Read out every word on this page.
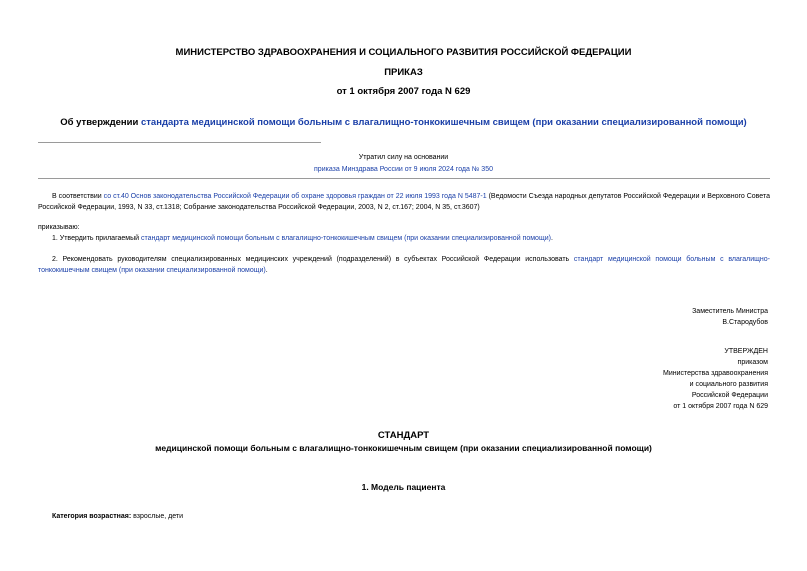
МИНИСТЕРСТВО ЗДРАВООХРАНЕНИЯ И СОЦИАЛЬНОГО РАЗВИТИЯ РОССИЙСКОЙ ФЕДЕРАЦИИ
ПРИКАЗ
от 1 октября 2007 года N 629
Об утверждении стандарта медицинской помощи больным с влагалищно-тонкокишечным свищем (при оказании специализированной помощи)
Утратил силу на основании
приказа Минздрава России от 9 июля 2024 года № 350
В соответствии со ст.40 Основ законодательства Российской Федерации об охране здоровья граждан от 22 июля 1993 года N 5487-1 (Ведомости Съезда народных депутатов Российской Федерации и Верховного Совета Российской Федерации, 1993, N 33, ст.1318; Собрание законодательства Российской Федерации, 2003, N 2, ст.167; 2004, N 35, ст.3607)
приказываю:
1. Утвердить прилагаемый стандарт медицинской помощи больным с влагалищно-тонкокишечным свищем (при оказании специализированной помощи).
2. Рекомендовать руководителям специализированных медицинских учреждений (подразделений) в субъектах Российской Федерации использовать стандарт медицинской помощи больным с влагалищно-тонкокишечным свищем (при оказании специализированной помощи).
Заместитель Министра
В.Стародубов
УТВЕРЖДЕН
приказом
Министерства здравоохранения
и социального развития
Российской Федерации
от 1 октября 2007 года N 629
СТАНДАРТ
медицинской помощи больным с влагалищно-тонкокишечным свищем (при оказании специализированной помощи)
1. Модель пациента
Категория возрастная: взрослые, дети
